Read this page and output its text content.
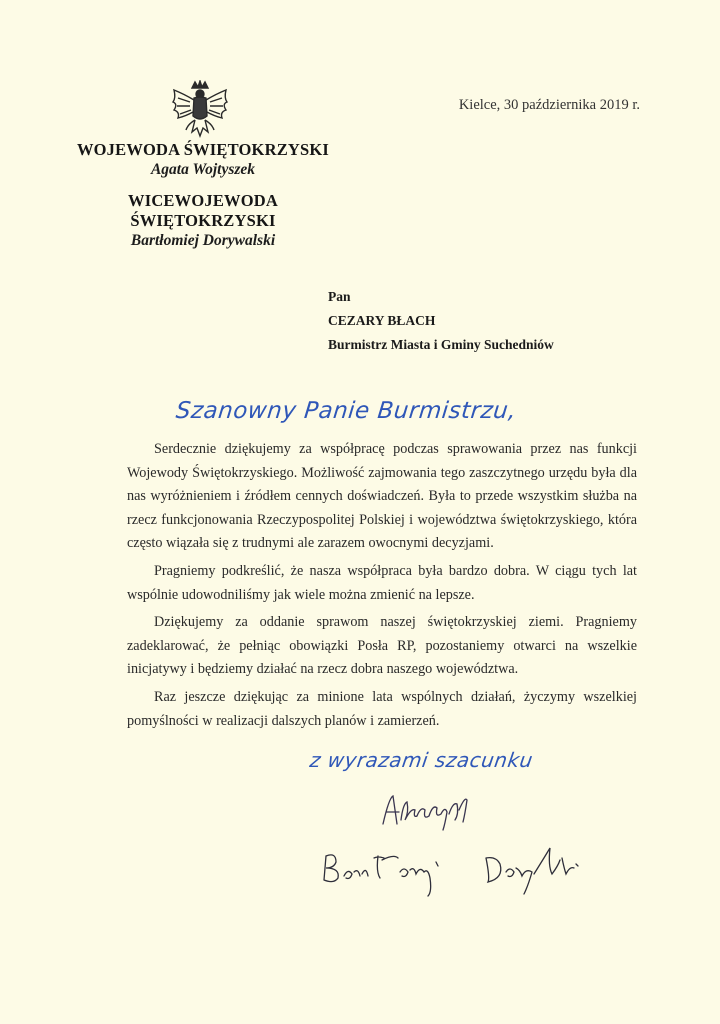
Kielce, 30 października 2019 r.
WOJEWODA ŚWIĘTOKRZYSKI
Agata Wojtyszek
WICEWOJEWODA ŚWIĘTOKRZYSKI
Bartłomiej Dorywalski
Pan
CEZARY BŁACH
Burmistrz Miasta i Gminy Suchedniów
Szanowny Panie Burmistrzu,

Serdecznie dziękujemy za współpracę podczas sprawowania przez nas funkcji Wojewody Świętokrzyskiego. Możliwość zajmowania tego zaszczytnego urzędu była dla nas wyróżnieniem i źródłem cennych doświadczeń. Była to przede wszystkim służba na rzecz funkcjonowania Rzeczypospolitej Polskiej i województwa świętokrzyskiego, która często wiązała się z trudnymi ale zarazem owocnymi decyzjami.

Pragniemy podkreślić, że nasza współpraca była bardzo dobra. W ciągu tych lat wspólnie udowodniliśmy jak wiele można zmienić na lepsze.

Dziękujemy za oddanie sprawom naszej świętokrzyskiej ziemi. Pragniemy zadeklarować, że pełniąc obowiązki Posła RP, pozostaniemy otwarci na wszelkie inicjatywy i będziemy działać na rzecz dobra naszego województwa.

Raz jeszcze dziękując za minione lata wspólnych działań, życzymy wszelkiej pomyślności w realizacji dalszych planów i zamierzeń.

z wyrazami szacunku
